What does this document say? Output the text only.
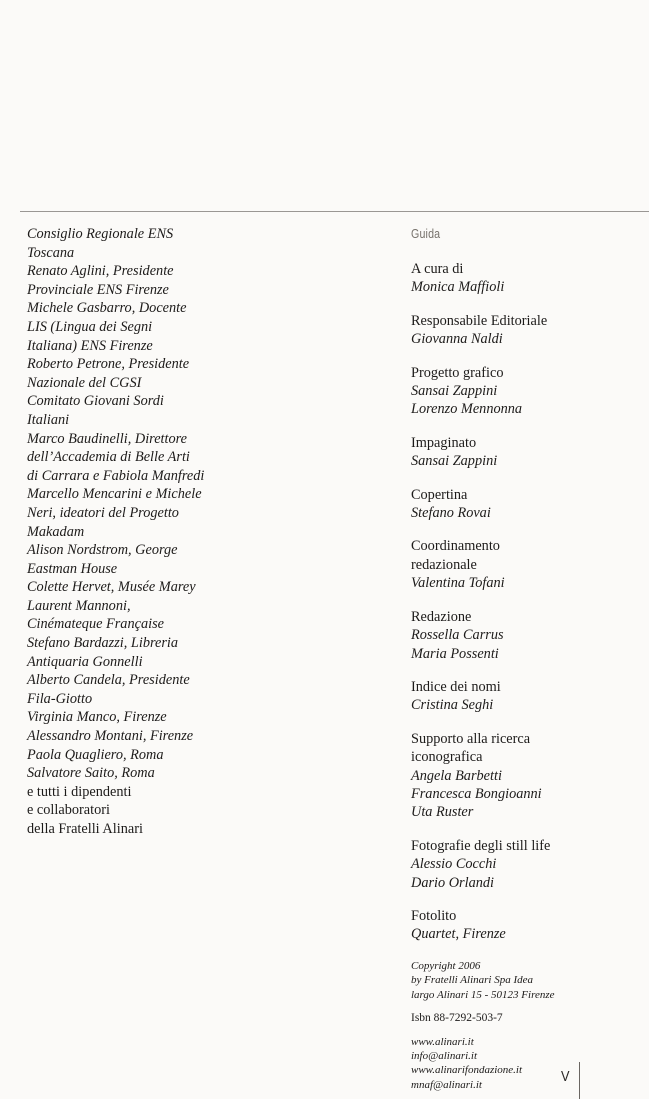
Consiglio Regionale ENS
Toscana
Renato Aglini, Presidente
Provinciale ENS Firenze
Michele Gasbarro, Docente
LIS (Lingua dei Segni
Italiana) ENS Firenze
Roberto Petrone, Presidente
Nazionale del CGSI
Comitato Giovani Sordi
Italiani
Marco Baudinelli, Direttore
dell’Accademia di Belle Arti
di Carrara e Fabiola Manfredi
Marcello Mencarini e Michele
Neri, ideatori del Progetto
Makadam
Alison Nordstrom, George
Eastman House
Colette Hervet, Musée Marey
Laurent Mannoni,
Cinémateque Française
Stefano Bardazzi, Libreria
Antiquaria Gonnelli
Alberto Candela, Presidente
Fila-Giotto
Virginia Manco, Firenze
Alessandro Montani, Firenze
Paola Quagliero, Roma
Salvatore Saito, Roma
e tutti i dipendenti
e collaboratori
della Fratelli Alinari
Guida
A cura di
Monica Maffioli
Responsabile Editoriale
Giovanna Naldi
Progetto grafico
Sansai Zappini
Lorenzo Mennonna
Impaginato
Sansai Zappini
Copertina
Stefano Rovai
Coordinamento
redazionale
Valentina Tofani
Redazione
Rossella Carrus
Maria Possenti
Indice dei nomi
Cristina Seghi
Supporto alla ricerca
iconografica
Angela Barbetti
Francesca Bongioanni
Uta Ruster
Fotografie degli still life
Alessio Cocchi
Dario Orlandi
Fotolito
Quartet, Firenze
Copyright 2006
by Fratelli Alinari Spa Idea
largo Alinari 15 - 50123 Firenze
Isbn 88-7292-503-7
www.alinari.it
info@alinari.it
www.alinarifondazione.it
mnaf@alinari.it	V
